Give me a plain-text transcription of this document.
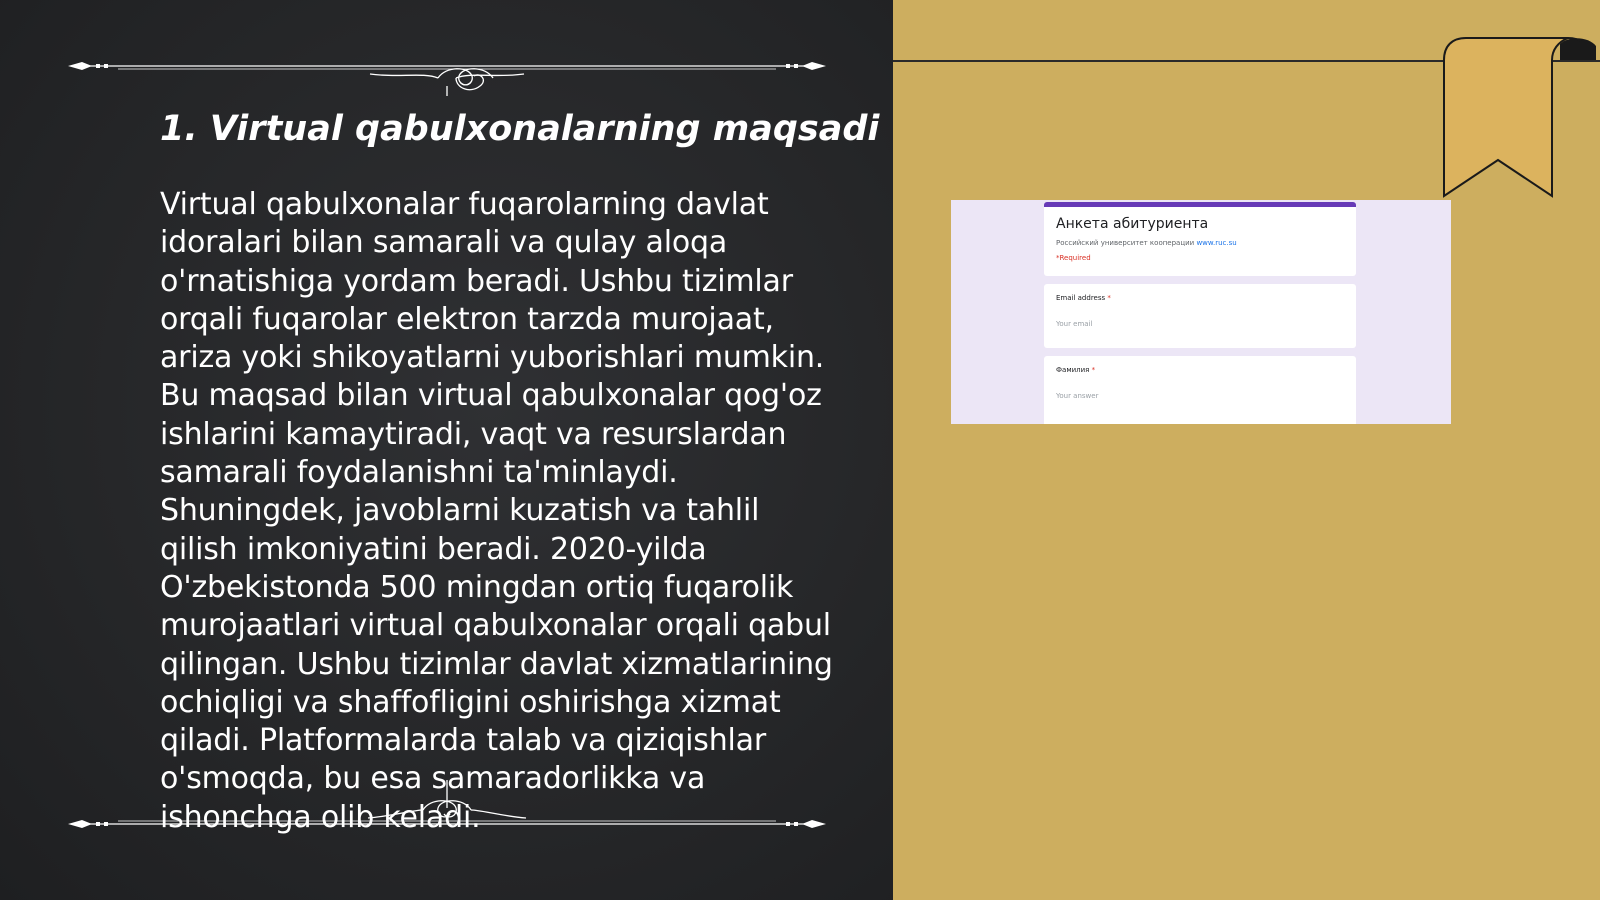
1. Virtual qabulxonalarning maqsadi
Virtual qabulxonalar fuqarolarning davlat idoralari bilan samarali va qulay aloqa o'rnatishiga yordam beradi. Ushbu tizimlar orqali fuqarolar elektron tarzda murojaat, ariza yoki shikoyatlarni yuborishlari mumkin. Bu maqsad bilan virtual qabulxonalar qog'oz ishlarini kamaytiradi, vaqt va resurslardan samarali foydalanishni ta'minlaydi. Shuningdek, javoblarni kuzatish va tahlil qilish imkoniyatini beradi. 2020-yilda O'zbekistonda 500 mingdan ortiq fuqarolik murojaatlari virtual qabulxonalar orqali qabul qilingan. Ushbu tizimlar davlat xizmatlarining ochiqligi va shaffofligini oshirishga xizmat qiladi. Platformalarda talab va qiziqishlar o'smoqda, bu esa samaradorlikka va ishonchga olib keladi.
Анкета абитуриента
Российский университет кооперации www.ruc.su
*Required
Email address *
Your email
Фамилия *
Your answer
